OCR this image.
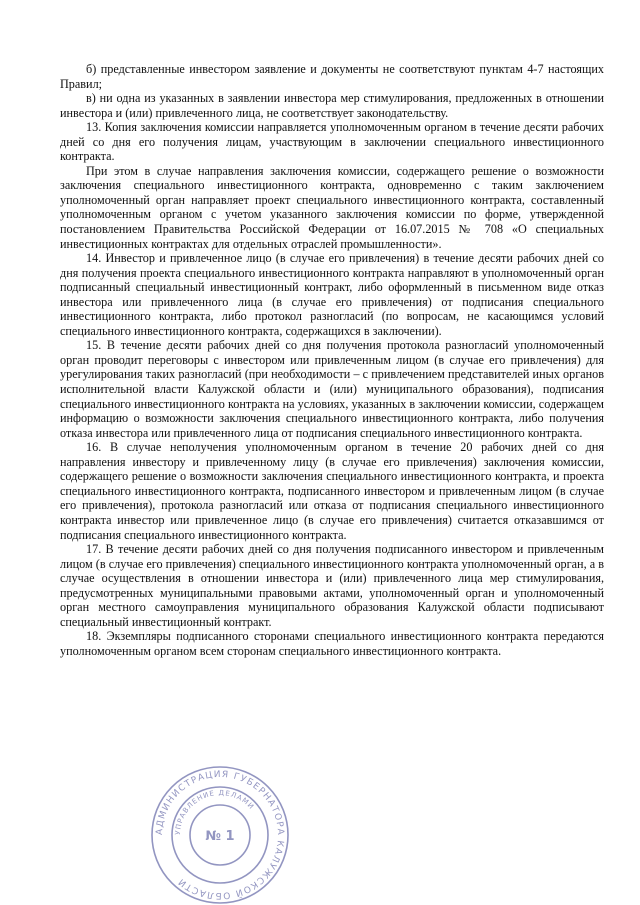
б) представленные инвестором заявление и документы не соответствуют пунктам 4-7 настоящих Правил;

в) ни одна из указанных в заявлении инвестора мер стимулирования, предложенных в отношении инвестора и (или) привлеченного лица, не соответствует законодательству.

13. Копия заключения комиссии направляется уполномоченным органом в течение десяти рабочих дней со дня его получения лицам, участвующим в заключении специального инвестиционного контракта.

При этом в случае направления заключения комиссии, содержащего решение о возможности заключения специального инвестиционного контракта, одновременно с таким заключением уполномоченный орган направляет проект специального инвестиционного контракта, составленный уполномоченным органом с учетом указанного заключения комиссии по форме, утвержденной постановлением Правительства Российской Федерации от 16.07.2015 № 708 «О специальных инвестиционных контрактах для отдельных отраслей промышленности».

14. Инвестор и привлеченное лицо (в случае его привлечения) в течение десяти рабочих дней со дня получения проекта специального инвестиционного контракта направляют в уполномоченный орган подписанный специальный инвестиционный контракт, либо оформленный в письменном виде отказ инвестора или привлеченного лица (в случае его привлечения) от подписания специального инвестиционного контракта, либо протокол разногласий (по вопросам, не касающимся условий специального инвестиционного контракта, содержащихся в заключении).

15. В течение десяти рабочих дней со дня получения протокола разногласий уполномоченный орган проводит переговоры с инвестором или привлеченным лицом (в случае его привлечения) для урегулирования таких разногласий (при необходимости – с привлечением представителей иных органов исполнительной власти Калужской области и (или) муниципального образования), подписания специального инвестиционного контракта на условиях, указанных в заключении комиссии, содержащем информацию о возможности заключения специального инвестиционного контракта, либо получения отказа инвестора или привлеченного лица от подписания специального инвестиционного контракта.

16. В случае неполучения уполномоченным органом в течение 20 рабочих дней со дня направления инвестору и привлеченному лицу (в случае его привлечения) заключения комиссии, содержащего решение о возможности заключения специального инвестиционного контракта, и проекта специального инвестиционного контракта, подписанного инвестором и привлеченным лицом (в случае его привлечения), протокола разногласий или отказа от подписания специального инвестиционного контракта инвестор или привлеченное лицо (в случае его привлечения) считается отказавшимся от подписания специального инвестиционного контракта.

17. В течение десяти рабочих дней со дня получения подписанного инвестором и привлеченным лицом (в случае его привлечения) специального инвестиционного контракта уполномоченный орган, а в случае осуществления в отношении инвестора и (или) привлеченного лица мер стимулирования, предусмотренных муниципальными правовыми актами, уполномоченный орган и уполномоченный орган местного самоуправления муниципального образования Калужской области подписывают специальный инвестиционный контракт.

18. Экземпляры подписанного сторонами специального инвестиционного контракта передаются уполномоченным органом всем сторонам специального инвестиционного контракта.

АДМИНИСТРАЦИЯ ГУБЕРНАТОРА КАЛУЖСКОЙ ОБЛАСТИ
УПРАВЛЕНИЕ ДЕЛАМИ
№ 1
